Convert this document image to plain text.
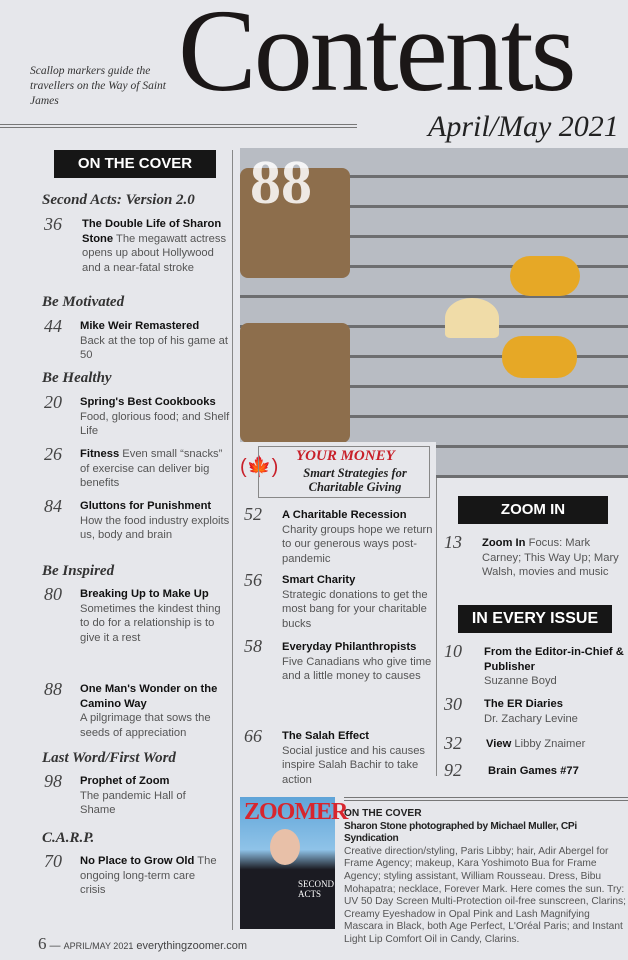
Contents
April/May 2021
Scallop markers guide the travellers on the Way of Saint James
88
ON THE COVER
Second Acts: Version 2.0
36 The Double Life of Sharon Stone The megawatt actress opens up about Hollywood and a near-fatal stroke
Be Motivated
44 Mike Weir Remastered
Back at the top of his game at 50
Be Healthy
20 Spring's Best Cookbooks Food, glorious food; and Shelf Life
26 Fitness Even small “snacks” of exercise can deliver big benefits
84 Gluttons for Punishment How the food industry exploits us, body and brain
Be Inspired
80 Breaking Up to Make Up Sometimes the kindest thing to do for a relationship is to give it a rest
88 One Man's Wonder on the Camino Way
A pilgrimage that sows the seeds of appreciation
Last Word/First Word
98 Prophet of Zoom
The pandemic Hall of Shame
C.A.R.P.
70 No Place to Grow Old The ongoing long-term care crisis
(🍁) YOUR MONEY
Smart Strategies for Charitable Giving
52 A Charitable Recession
Charity groups hope we return to our generous ways post-pandemic
56 Smart Charity
Strategic donations to get the most bang for your charitable bucks
58 Everyday Philanthropists
Five Canadians who give time and a little money to causes
66 The Salah Effect
Social justice and his causes inspire Salah Bachir to take action
ZOOM IN
13 Zoom In Focus: Mark Carney; This Way Up; Mary Walsh, movies and music
IN EVERY ISSUE
10 From the Editor-in-Chief & Publisher
Suzanne Boyd
30 The ER Diaries
Dr. Zachary Levine
32 View Libby Znaimer
92 Brain Games #77
ZOOMER
SECOND ACTS
ON THE COVER
Sharon Stone photographed by Michael Muller, CPi Syndication
Creative direction/styling, Paris Libby; hair, Adir Abergel for Frame Agency; makeup, Kara Yoshimoto Bua for Frame Agency; styling assistant, William Rousseau. Dress, Bibu Mohapatra; necklace, Forever Mark. Here comes the sun. Try: UV 50 Day Screen Multi-Protection oil-free sunscreen, Clarins; Creamy Eyeshadow in Opal Pink and Lash Magnifying Mascara in Black, both Age Perfect, L'Oréal Paris; and Instant Light Lip Comfort Oil in Candy, Clarins.
6 — APRIL/MAY 2021 everythingzoomer.com
